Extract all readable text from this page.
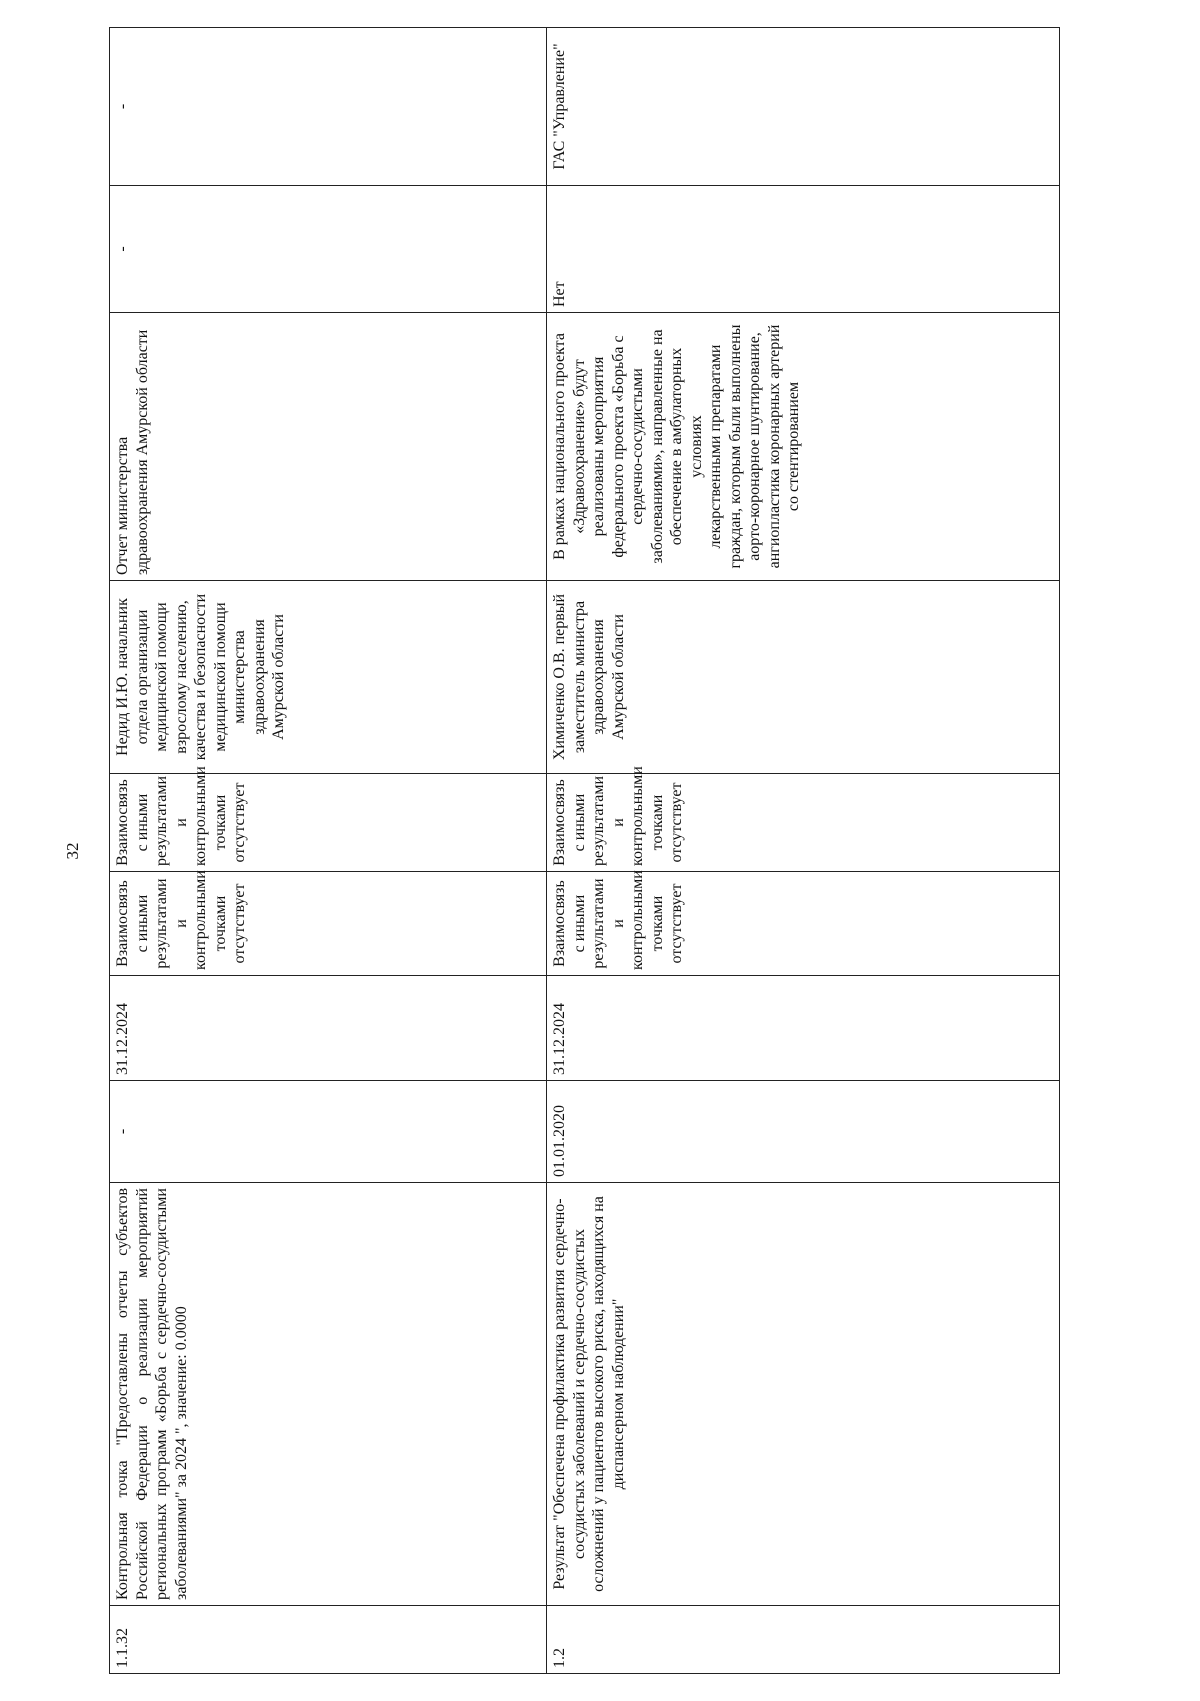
32
1.1.32	Контрольная точка "Предоставлены отчеты субъектов Российской Федерации о реализации мероприятий региональных программ «Борьба с сердечно-сосудистыми заболеваниями" за 2024 ", значение: 0.0000	-	31.12.2024	Взаимосвязь с иными результатами и контрольными точками отсутствует	Взаимосвязь с иными результатами и контрольными точками отсутствует	Недид И.Ю. начальник отдела организации медицинской помощи взрослому населению, качества и безопасности медицинской помощи министерства здравоохранения Амурской области	Отчет министерства здравоохранения Амурской области	-	-
1.2	Результат "Обеспечена профилактика развития сердечно-сосудистых заболеваний и сердечно-сосудистых осложнений у пациентов высокого риска, находящихся на диспансерном наблюдении"	01.01.2020	31.12.2024	Взаимосвязь с иными результатами и контрольными точками отсутствует	Взаимосвязь с иными результатами и контрольными точками отсутствует	Химиченко О.В. первый заместитель министра здравоохранения Амурской области	В рамках национального проекта «Здравоохранение» будут реализованы мероприятия федерального проекта «Борьба с сердечно-сосудистыми заболеваниями», направленные на обеспечение в амбулаторных условиях лекарственными препаратами граждан, которым были выполнены аорто-коронарное шунтирование, ангиопластика коронарных артерий со стентированием	Нет	ГАС "Управление"
